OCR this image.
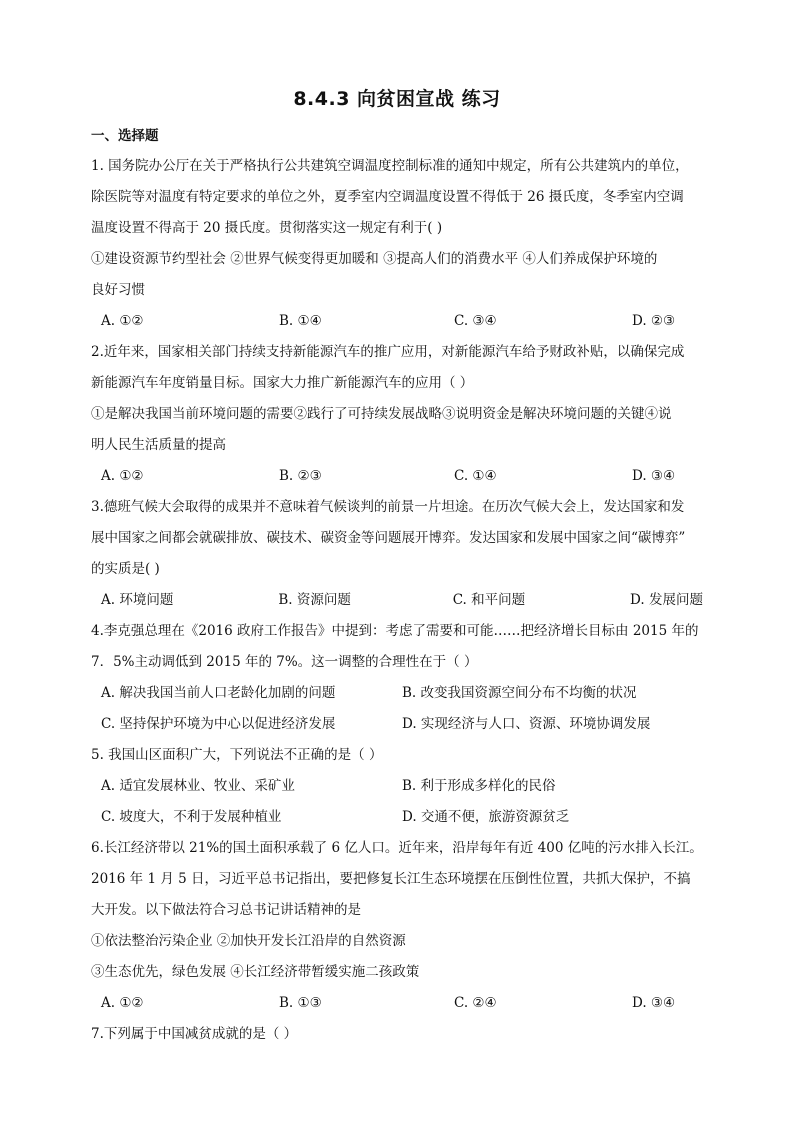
8.4.3 向贫困宣战 练习
一、选择题
1. 国务院办公厅在关于严格执行公共建筑空调温度控制标准的通知中规定，所有公共建筑内的单位，
除医院等对温度有特定要求的单位之外，夏季室内空调温度设置不得低于 26 摄氏度，冬季室内空调
温度设置不得高于 20 摄氏度。贯彻落实这一规定有利于( )
①建设资源节约型社会 ②世界气候变得更加暖和 ③提高人们的消费水平 ④人们养成保护环境的
良好习惯
A. ①②	B. ①④	C. ③④	D. ②③
2.近年来，国家相关部门持续支持新能源汽车的推广应用，对新能源汽车给予财政补贴，以确保完成
新能源汽车年度销量目标。国家大力推广新能源汽车的应用（ ）
①是解决我国当前环境问题的需要②践行了可持续发展战略③说明资金是解决环境问题的关键④说
明人民生活质量的提高
A. ①②	B. ②③	C. ①④	D. ③④
3.德班气候大会取得的成果并不意味着气候谈判的前景一片坦途。在历次气候大会上，发达国家和发
展中国家之间都会就碳排放、碳技术、碳资金等问题展开博弈。发达国家和发展中国家之间“碳博弈”
的实质是( )
A. 环境问题	B. 资源问题	C. 和平问题	D. 发展问题
4.李克强总理在《2016 政府工作报告》中提到：考虑了需要和可能……把经济增长目标由 2015 年的
7．5%主动调低到 2015 年的 7%。这一调整的合理性在于（ ）
A. 解决我国当前人口老龄化加剧的问题	B. 改变我国资源空间分布不均衡的状况
C. 坚持保护环境为中心以促进经济发展	D. 实现经济与人口、资源、环境协调发展
5. 我国山区面积广大，下列说法不正确的是（ ）
A. 适宜发展林业、牧业、采矿业	B. 利于形成多样化的民俗
C. 坡度大，不利于发展种植业	D. 交通不便，旅游资源贫乏
6.长江经济带以 21%的国土面积承载了 6 亿人口。近年来，沿岸每年有近 400 亿吨的污水排入长江。
2016 年 1 月 5 日，习近平总书记指出，要把修复长江生态环境摆在压倒性位置，共抓大保护，不搞
大开发。以下做法符合习总书记讲话精神的是
①依法整治污染企业 ②加快开发长江沿岸的自然资源
③生态优先，绿色发展 ④长江经济带暂缓实施二孩政策
A. ①②	B. ①③	C. ②④	D. ③④
7.下列属于中国减贫成就的是（ ）
